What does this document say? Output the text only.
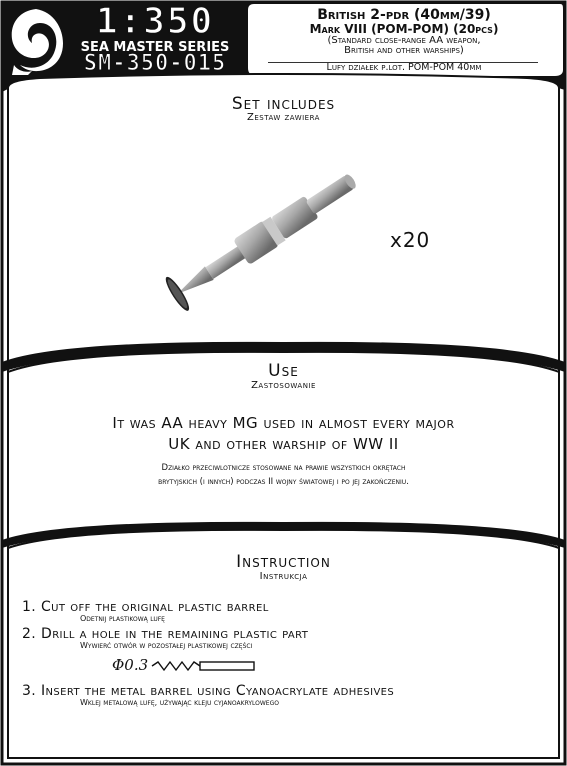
1:350
SEA MASTER SERIES
SM-350-015
British 2-pdr (40mm/39)
Mark VIII (POM-POM) (20pcs)
(Standard close-range AA weapon,
British and other warships)
Lufy działek p.lot. POM-POM 40mm
Set includes
Zestaw zawiera
x20
Use
Zastosowanie
It was AA heavy MG used in almost every major
UK and other warship of WW II
Działko przeciwlotnicze stosowane na prawie wszystkich okrętach
brytyjskich (i innych) podczas II wojny światowej i po jej zakończeniu.
Instruction
Instrukcja
1. Cut off the original plastic barrel
Odetnij plastikową lufę
2. Drill a hole in the remaining plastic part
Wywierć otwór w pozostałej plastikowej części
Φ0.3
3. Insert the metal barrel using Cyanoacrylate adhesives
Wklej metalową lufę, używając kleju cyjanoakrylowego
